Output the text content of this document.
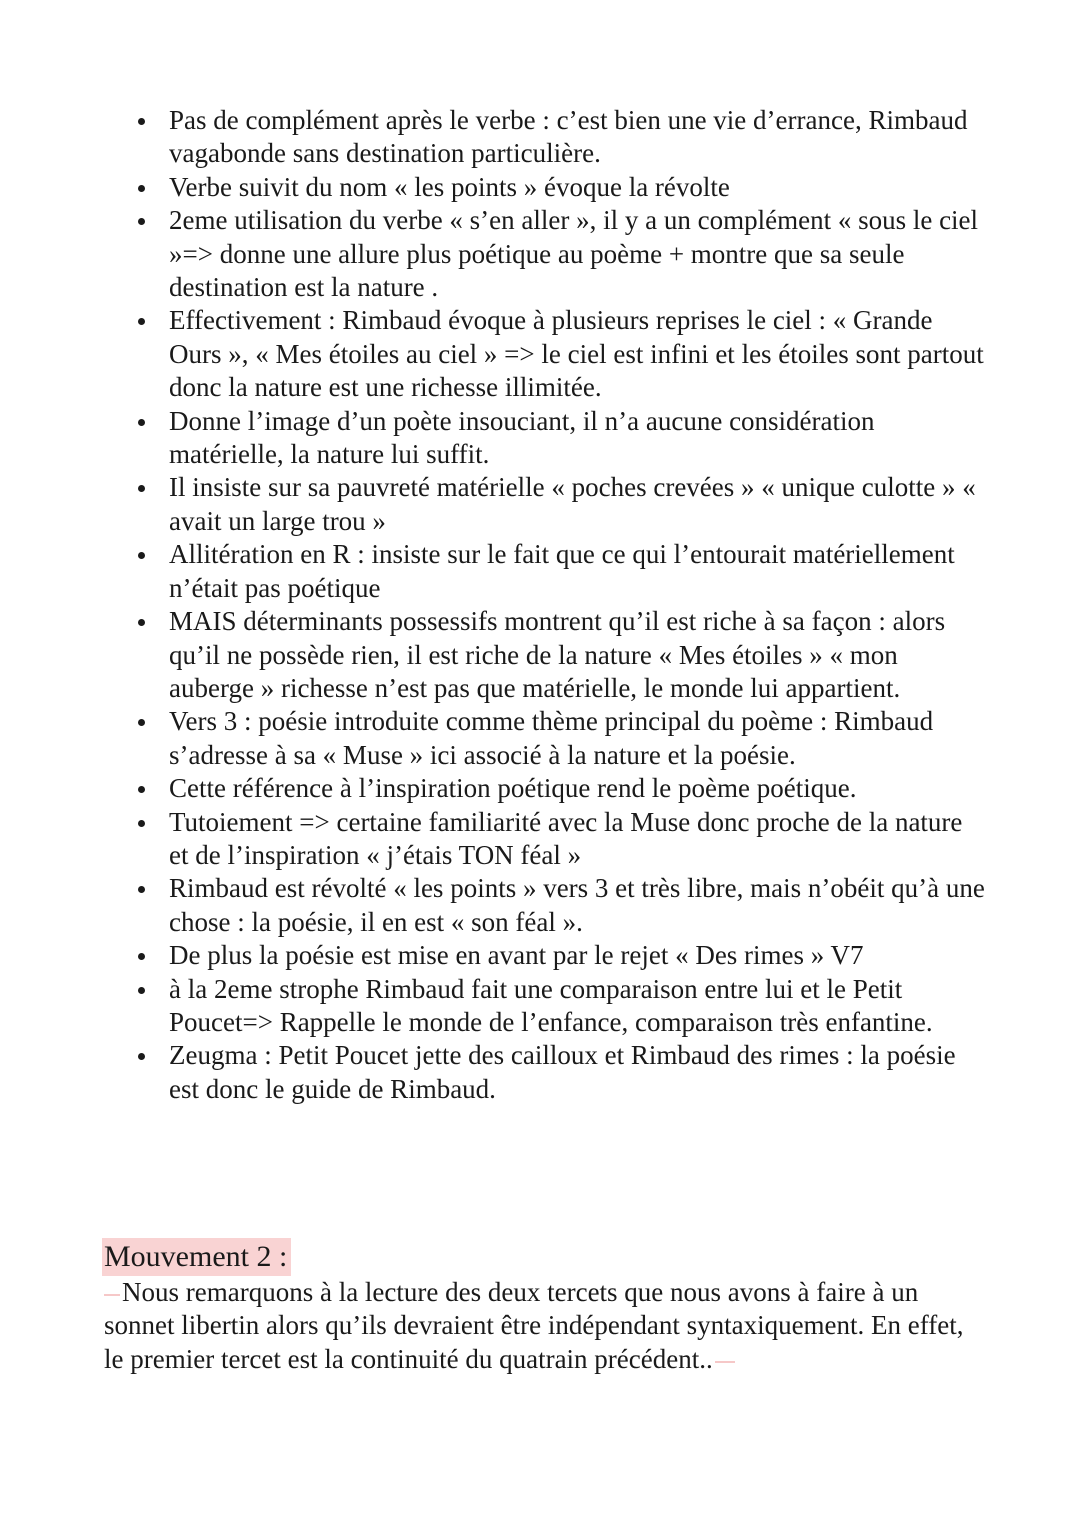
Pas de complément après le verbe : c’est bien une vie d’errance, Rimbaud vagabonde sans destination particulière.
Verbe suivit du nom « les points » évoque la révolte
2eme utilisation du verbe « s’en aller », il y a un complément « sous le ciel »=> donne une allure plus poétique au poème + montre que sa seule destination est la nature .
Effectivement : Rimbaud évoque à plusieurs reprises le ciel : « Grande Ours », « Mes étoiles au ciel » => le ciel est infini et les étoiles sont partout donc la nature est une richesse illimitée.
Donne l’image d’un poète insouciant, il n’a aucune considération matérielle, la nature lui suffit.
Il insiste sur sa pauvreté matérielle « poches crevées » « unique culotte » « avait un large trou »
Allitération en R : insiste sur le fait que ce qui l’entourait matériellement n’était pas poétique
MAIS déterminants possessifs montrent qu’il est riche à sa façon : alors qu’il ne possède rien, il est riche de la nature « Mes étoiles » « mon auberge » richesse n’est pas que matérielle, le monde lui appartient.
Vers 3 : poésie introduite comme thème principal du poème : Rimbaud s’adresse à sa « Muse » ici associé à la nature et la poésie.
Cette référence à l’inspiration poétique rend le poème poétique.
Tutoiement => certaine familiarité avec la Muse donc proche de la nature et de l’inspiration « j’étais TON féal »
Rimbaud est révolté « les points » vers 3 et très libre, mais n’obéit qu’à une chose : la poésie, il en est « son féal ».
De plus la poésie est mise en avant par le rejet « Des rimes » V7
à la 2eme strophe Rimbaud fait une comparaison entre lui et le Petit Poucet=> Rappelle le monde de l’enfance, comparaison très enfantine.
Zeugma : Petit Poucet jette des cailloux et Rimbaud des rimes : la poésie est donc le guide de Rimbaud.
Mouvement 2 :

Nous remarquons à la lecture des deux tercets que nous avons à faire à un sonnet libertin alors qu’ils devraient être indépendant syntaxiquement. En effet, le premier tercet est la continuité du quatrain précédent..
